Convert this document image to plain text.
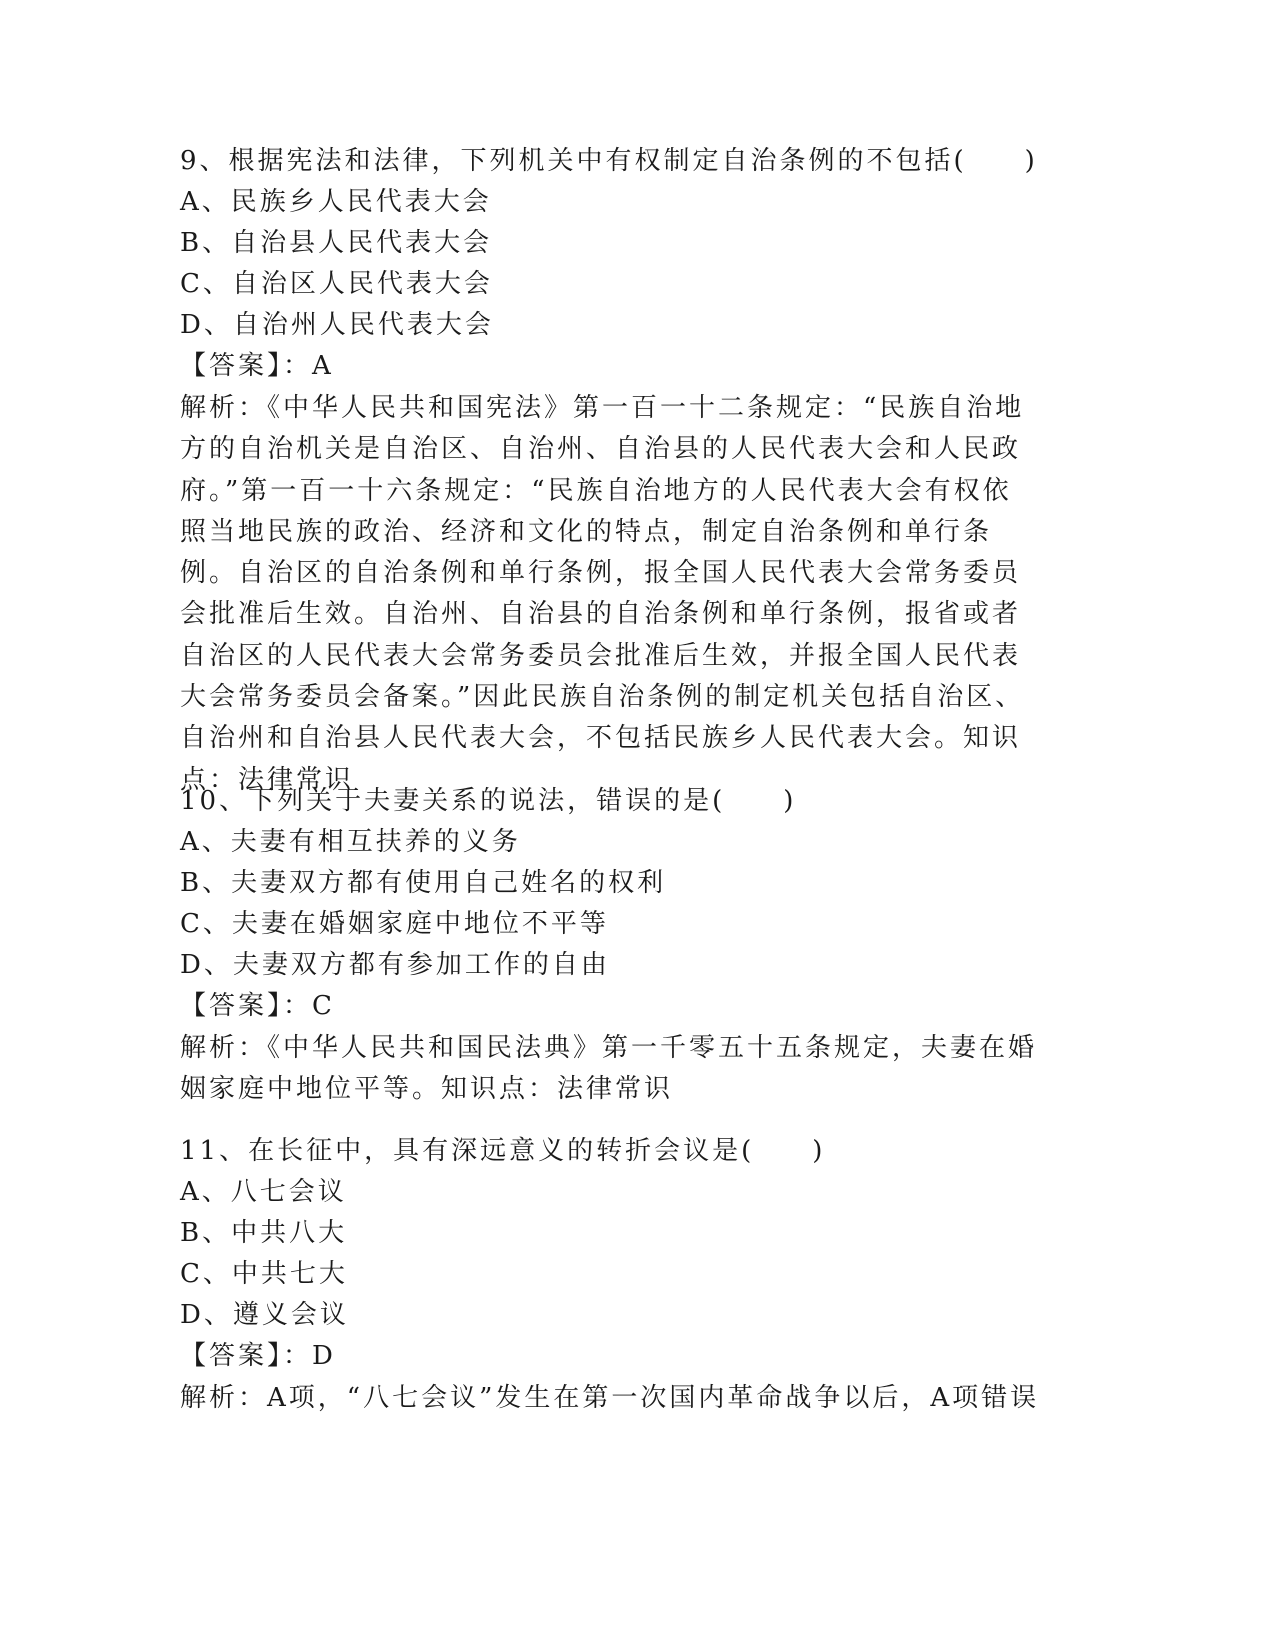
9、根据宪法和法律，下列机关中有权制定自治条例的不包括(　　)
A、民族乡人民代表大会
B、自治县人民代表大会
C、自治区人民代表大会
D、自治州人民代表大会
【答案】：A

解析：《中华人民共和国宪法》第一百一十二条规定：“民族自治地方的自治机关是自治区、自治州、自治县的人民代表大会和人民政府。”第一百一十六条规定：“民族自治地方的人民代表大会有权依照当地民族的政治、经济和文化的特点，制定自治条例和单行条例。自治区的自治条例和单行条例，报全国人民代表大会常务委员会批准后生效。自治州、自治县的自治条例和单行条例，报省或者自治区的人民代表大会常务委员会批准后生效，并报全国人民代表大会常务委员会备案。”因此民族自治条例的制定机关包括自治区、自治州和自治县人民代表大会，不包括民族乡人民代表大会。知识点：法律常识

10、下列关于夫妻关系的说法，错误的是(　　)
A、夫妻有相互扶养的义务
B、夫妻双方都有使用自己姓名的权利
C、夫妻在婚姻家庭中地位不平等
D、夫妻双方都有参加工作的自由
【答案】：C

解析：《中华人民共和国民法典》第一千零五十五条规定，夫妻在婚姻家庭中地位平等。知识点：法律常识

11、在长征中，具有深远意义的转折会议是(　　)
A、八七会议
B、中共八大
C、中共七大
D、遵义会议
【答案】：D

解析：A项，“八七会议”发生在第一次国内革命战争以后，A项错误
